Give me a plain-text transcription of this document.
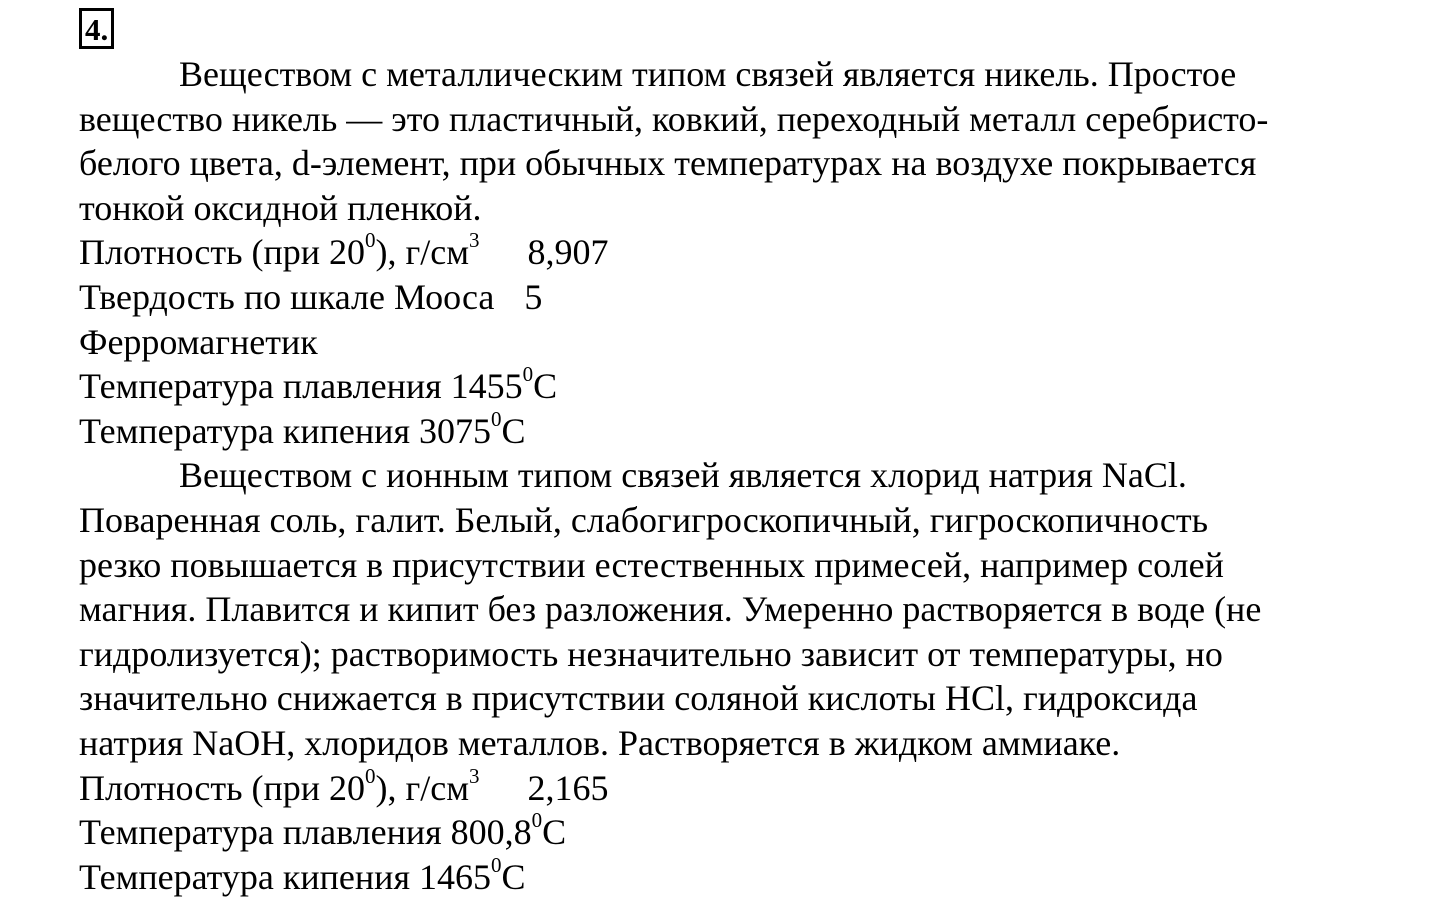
4.

Веществом с металлическим типом связей является никель. Простое

вещество никель — это пластичный, ковкий, переходный металл серебристо-

белого цвета, d-элемент, при обычных температурах на воздухе покрывается

тонкой оксидной пленкой.

Плотность (при $20^0$), $г/см^3$ 8,907

Твердость по шкале Мооса 5

Ферромагнетик

Температура плавления 1455$^0$C

Температура кипения 3075$^0$C

Веществом с ионным типом связей является хлорид натрия NaCl.

Поваренная соль, галит. Белый, слабогигроскопичный, гигроскопичность

резко повышается в присутствии естественных примесей, например солей

магния. Плавится и кипит без разложения. Умеренно растворяется в воде (не

гидролизуется); растворимость незначительно зависит от температуры, но

значительно снижается в присутствии соляной кислоты HCl, гидроксида

натрия NaOH, хлоридов металлов. Растворяется в жидком аммиаке.

Плотность (при $20^0$), $г/см^3$ 2,165

Температура плавления 800,8$^0$C

Температура кипения 1465$^0$C
